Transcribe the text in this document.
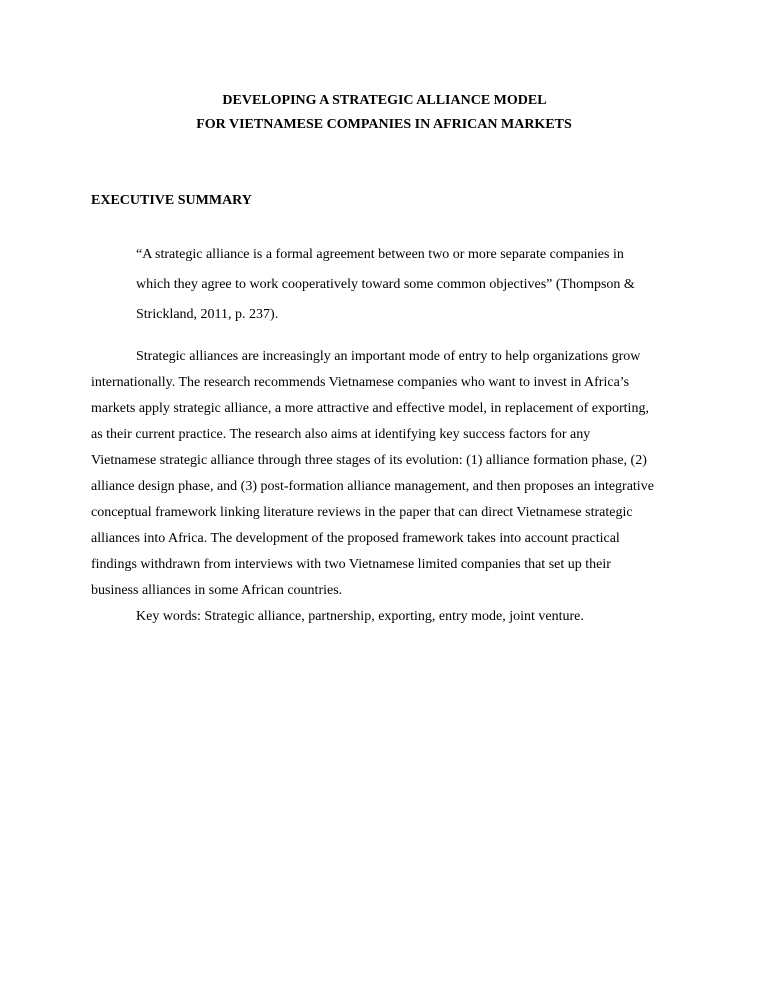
DEVELOPING A STRATEGIC ALLIANCE MODEL
FOR VIETNAMESE COMPANIES IN AFRICAN MARKETS
EXECUTIVE SUMMARY
“A strategic alliance is a formal agreement between two or more separate companies in
which they agree to work cooperatively toward some common objectives” (Thompson &
Strickland, 2011, p. 237).
Strategic alliances are increasingly an important mode of entry to help organizations grow
internationally. The research recommends Vietnamese companies who want to invest in Africa’s
markets apply strategic alliance, a more attractive and effective model, in replacement of exporting,
as their current practice. The research also aims at identifying key success factors for any
Vietnamese strategic alliance through three stages of its evolution: (1) alliance formation phase, (2)
alliance design phase, and (3) post-formation alliance management, and then proposes an integrative
conceptual framework linking literature reviews in the paper that can direct Vietnamese strategic
alliances into Africa. The development of the proposed framework takes into account practical
findings withdrawn from interviews with two Vietnamese limited companies that set up their
business alliances in some African countries.
Key words: Strategic alliance, partnership, exporting, entry mode, joint venture.
